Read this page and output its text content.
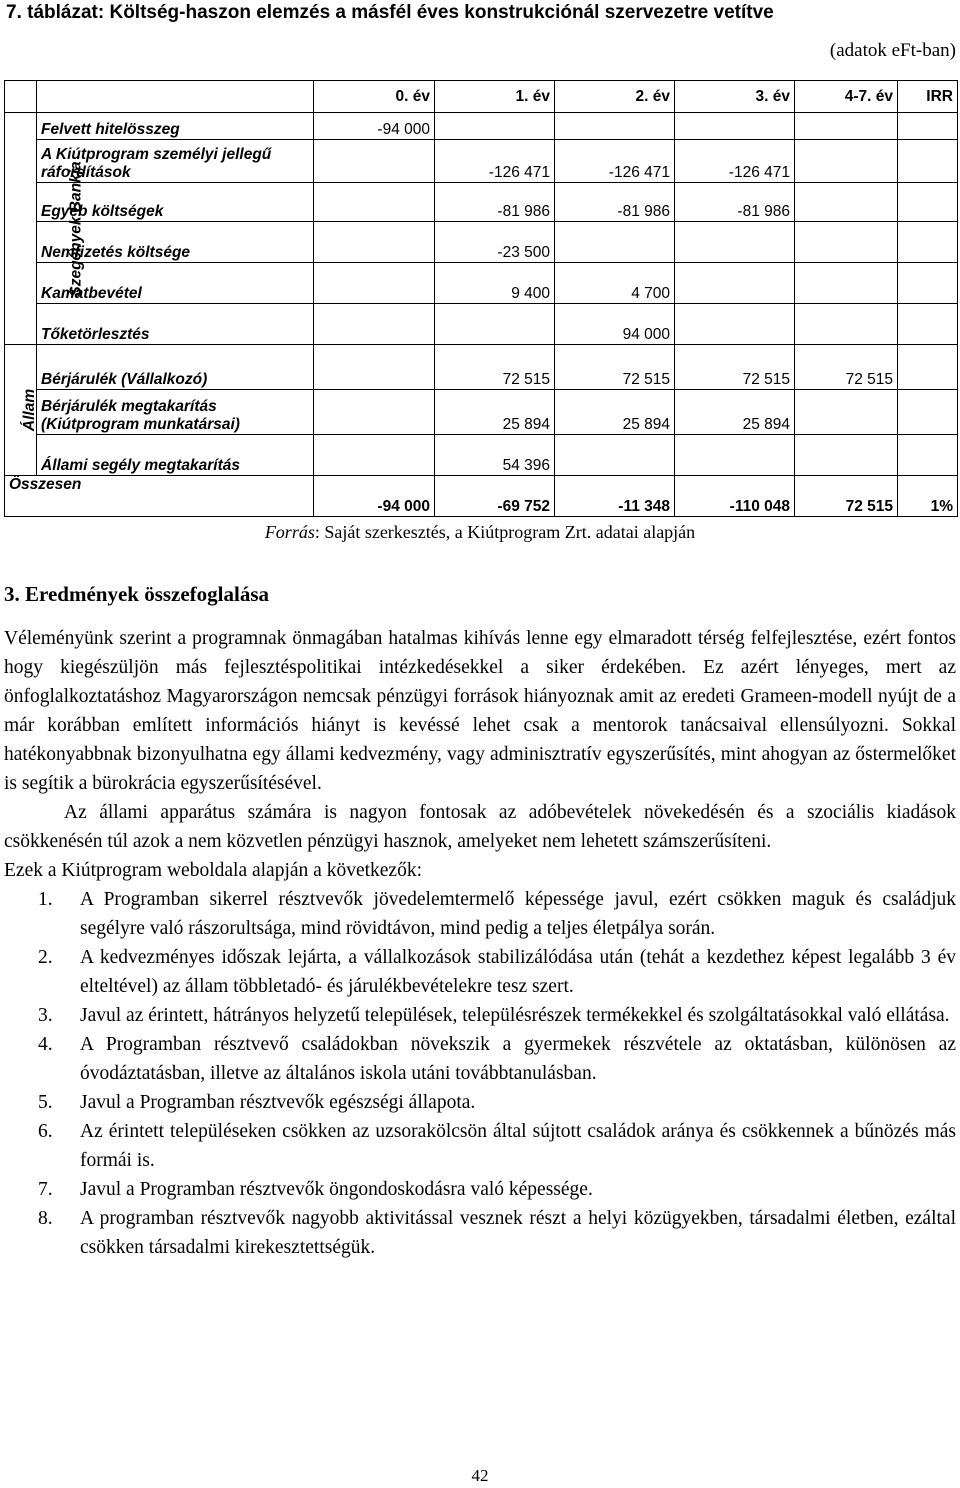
7. táblázat: Költség-haszon elemzés a másfél éves konstrukciónál szervezetre vetítve
(adatok eFt-ban)
		0. év	1. év	2. év	3. év	4-7. év	IRR
Szegények Bankja	Felvett hitelösszeg	-94 000					
	A Kiútprogram személyi jellegű ráfordítások		-126 471	-126 471	-126 471		
	Egyéb költségek		-81 986	-81 986	-81 986		
	Nemfizetés költsége		-23 500				
	Kamatbevétel		9 400	4 700			
	Tőketörlesztés			94 000			
Állam	Bérjárulék (Vállalkozó)		72 515	72 515	72 515	72 515	
	Bérjárulék megtakarítás (Kiútprogram munkatársai)		25 894	25 894	25 894		
	Állami segély megtakarítás		54 396				
Összesen		-94 000	-69 752	-11 348	-110 048	72 515	1%
Forrás: Saját szerkesztés, a Kiútprogram Zrt. adatai alapján
3. Eredmények összefoglalása

Véleményünk szerint a programnak önmagában hatalmas kihívás lenne egy elmaradott térség felfejlesztése, ezért fontos hogy kiegészüljön más fejlesztéspolitikai intézkedésekkel a siker érdekében. Ez azért lényeges, mert az önfoglalkoztatáshoz Magyarországon nemcsak pénzügyi források hiányoznak amit az eredeti Grameen-modell nyújt de a már korábban említett információs hiányt is kevéssé lehet csak a mentorok tanácsaival ellensúlyozni. Sokkal hatékonyabbnak bizonyulhatna egy állami kedvezmény, vagy adminisztratív egyszerűsítés, mint ahogyan az őstermelőket is segítik a bürokrácia egyszerűsítésével.

Az állami apparátus számára is nagyon fontosak az adóbevételek növekedésén és a szociális kiadások csökkenésén túl azok a nem közvetlen pénzügyi hasznok, amelyeket nem lehetett számszerűsíteni.

Ezek a Kiútprogram weboldala alapján a következők:

1. A Programban sikerrel résztvevők jövedelemtermelő képessége javul, ezért csökken maguk és családjuk segélyre való rászorultsága, mind rövidtávon, mind pedig a teljes életpálya során.
2. A kedvezményes időszak lejárta, a vállalkozások stabilizálódása után (tehát a kezdethez képest legalább 3 év elteltével) az állam többletadó- és járulékbevételekre tesz szert.
3. Javul az érintett, hátrányos helyzetű települések, településrészek termékekkel és szolgáltatásokkal való ellátása.
4. A Programban résztvevő családokban növekszik a gyermekek részvétele az oktatásban, különösen az óvodáztatásban, illetve az általános iskola utáni továbbtanulásban.
5. Javul a Programban résztvevők egészségi állapota.
6. Az érintett településeken csökken az uzsorakölcsön által sújtott családok aránya és csökkennek a bűnözés más formái is.
7. Javul a Programban résztvevők öngondoskodásra való képessége.
8. A programban résztvevők nagyobb aktivitással vesznek részt a helyi közügyekben, társadalmi életben, ezáltal csökken társadalmi kirekesztettségük.
42
